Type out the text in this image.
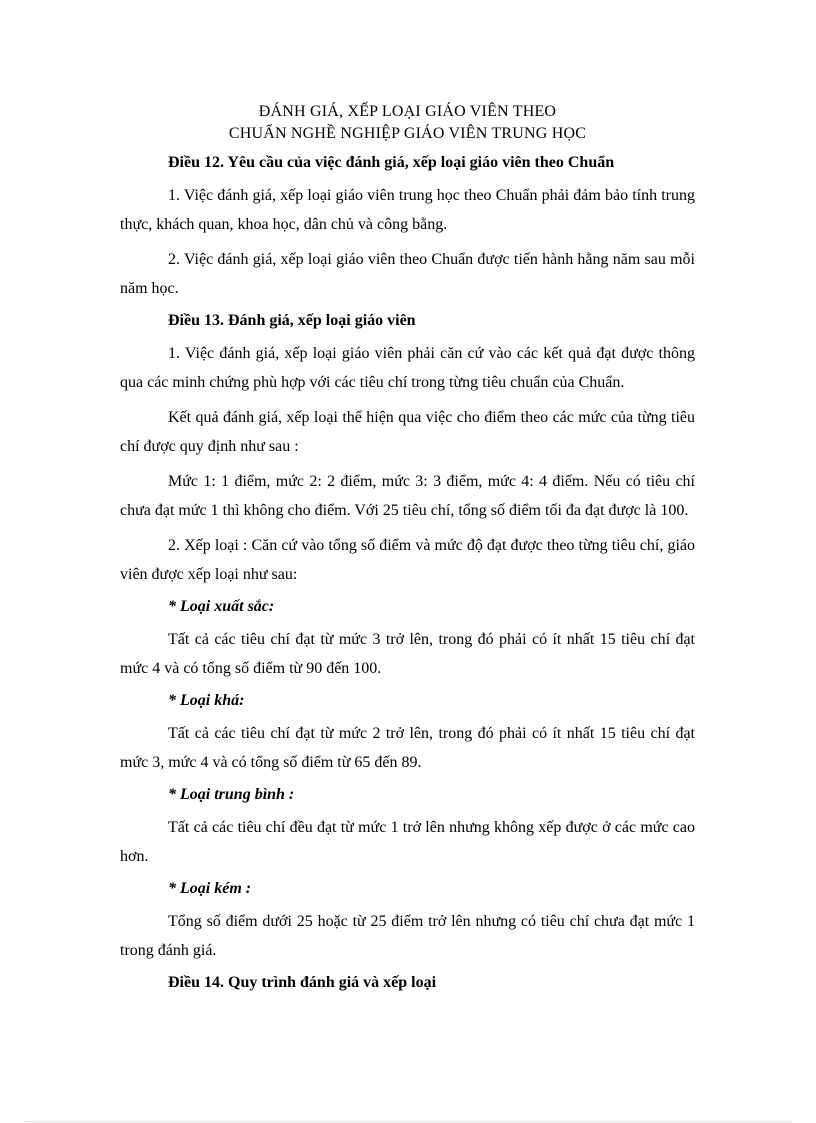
ĐÁNH GIÁ, XẾP LOẠI GIÁO VIÊN THEO
CHUẨN NGHỀ NGHIỆP GIÁO VIÊN TRUNG HỌC
Điều 12. Yêu cầu của việc đánh giá, xếp loại giáo viên theo Chuẩn

1. Việc đánh giá, xếp loại giáo viên trung học theo Chuẩn phải đảm bảo tính trung thực, khách quan, khoa học, dân chủ và công bằng.

2. Việc đánh giá, xếp loại giáo viên theo Chuẩn được tiến hành hằng năm sau mỗi năm học.

Điều 13. Đánh giá, xếp loại giáo viên

1. Việc đánh giá, xếp loại giáo viên phải căn cứ vào các kết quả đạt được thông qua các minh chứng phù hợp với các tiêu chí trong từng tiêu chuẩn của Chuẩn.

Kết quả đánh giá, xếp loại thể hiện qua việc cho điểm theo các mức của từng tiêu chí được quy định như sau :

Mức 1: 1 điểm, mức 2: 2 điểm, mức 3: 3 điểm, mức 4: 4 điểm. Nếu có tiêu chí chưa đạt mức 1 thì không cho điểm. Với 25 tiêu chí, tổng số điểm tối đa đạt được là 100.

2. Xếp loại : Căn cứ vào tổng số điểm và mức độ đạt được theo từng tiêu chí, giáo viên được xếp loại như sau:

* Loại xuất sắc:

Tất cả các tiêu chí đạt từ mức 3 trở lên, trong đó phải có ít nhất 15 tiêu chí đạt mức 4 và có tổng số điểm từ 90 đến 100.

* Loại khá:

Tất cả các tiêu chí đạt từ mức 2 trở lên, trong đó phải có ít nhất 15 tiêu chí đạt mức 3, mức 4 và có tổng số điểm từ 65 đến 89.

* Loại trung bình :

Tất cả các tiêu chí đều đạt từ mức 1 trở lên nhưng không xếp được ở các mức cao hơn.

* Loại kém :

Tổng số điểm dưới 25 hoặc từ 25 điểm trở lên nhưng có tiêu chí chưa đạt mức 1 trong đánh giá.

Điều 14. Quy trình đánh giá và xếp loại
